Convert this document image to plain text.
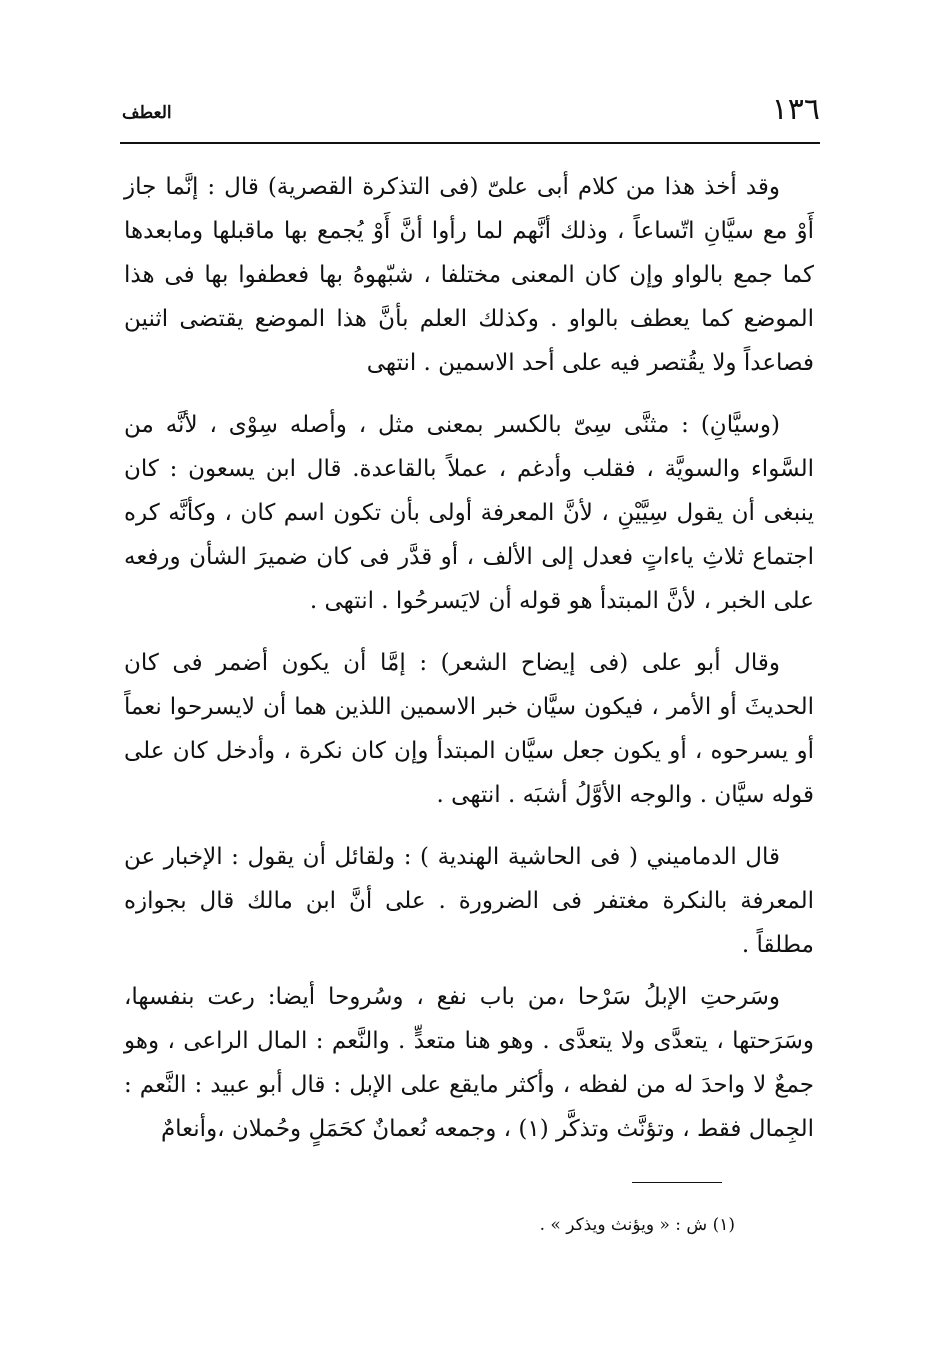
١٣٦
العطف

وقد أخذ هذا من كلام أبى علىّ (فى التذكرة القصرية) قال : إنَّما جاز أَوْ مع سيَّانِ اتّساعاً ، وذلك أنَّهم لما رأوا أنَّ أَوْ يُجمع بها ماقبلها ومابعدها كما جمع بالواو وإن كان المعنى مختلفا ، شبّهوهُ بها فعطفوا بها فى هذا الموضع كما يعطف بالواو . وكذلك العلم بأنَّ هذا الموضع يقتضى اثنين فصاعداً ولا يقُتصر فيه على أحد الاسمين . انتهى

(وسيَّانِ) : مثنَّى سِىّ بالكسر بمعنى مثل ، وأصله سِوْى ، لأنَّه من السَّواء والسويَّة ، فقلب وأدغم ، عملاً بالقاعدة. قال ابن يسعون : كان ينبغى أن يقول سِيَّيْنِ ، لأنَّ المعرفة أولى بأن تكون اسم كان ، وكأنَّه كره اجتماع ثلاثِ ياءاتٍ فعدل إلى الألف ، أو قدَّر فى كان ضميرَ الشأن ورفعه على الخبر ، لأنَّ المبتدأ هو قوله أن لايَسرحُوا . انتهى .

وقال أبو على (فى إيضاح الشعر) : إمَّا أن يكون أضمر فى كان الحديثَ أو الأمر ، فيكون سيَّان خبر الاسمين اللذين هما أن لايسرحوا نعماً أو يسرحوه ، أو يكون جعل سيَّان المبتدأ وإن كان نكرة ، وأدخل كان على قوله سيَّان . والوجه الأوَّلُ أشبَه . انتهى .

قال الدماميني ( فى الحاشية الهندية ) : ولقائل أن يقول : الإخبار عن المعرفة بالنكرة مغتفر فى الضرورة . على أنَّ ابن مالك قال بجوازه مطلقاً .

وسَرحتِ الإبلُ سَرْحا ،من باب نفع ، وسُروحا أيضا: رعت بنفسها، وسَرَحتها ، يتعدَّى ولا يتعدَّى . وهو هنا متعدٍّ . والنَّعم : المال الراعى ، وهو جمعٌ لا واحدَ له من لفظه ، وأكثر مايقع على الإبل : قال أبو عبيد : النَّعم : الجِمال فقط ، وتؤنَّث وتذكَّر (١) ، وجمعه نُعمانٌ كحَمَلٍ وحُملان ،وأنعامٌ

(١) ش : « ويؤنث ويذكر » .
